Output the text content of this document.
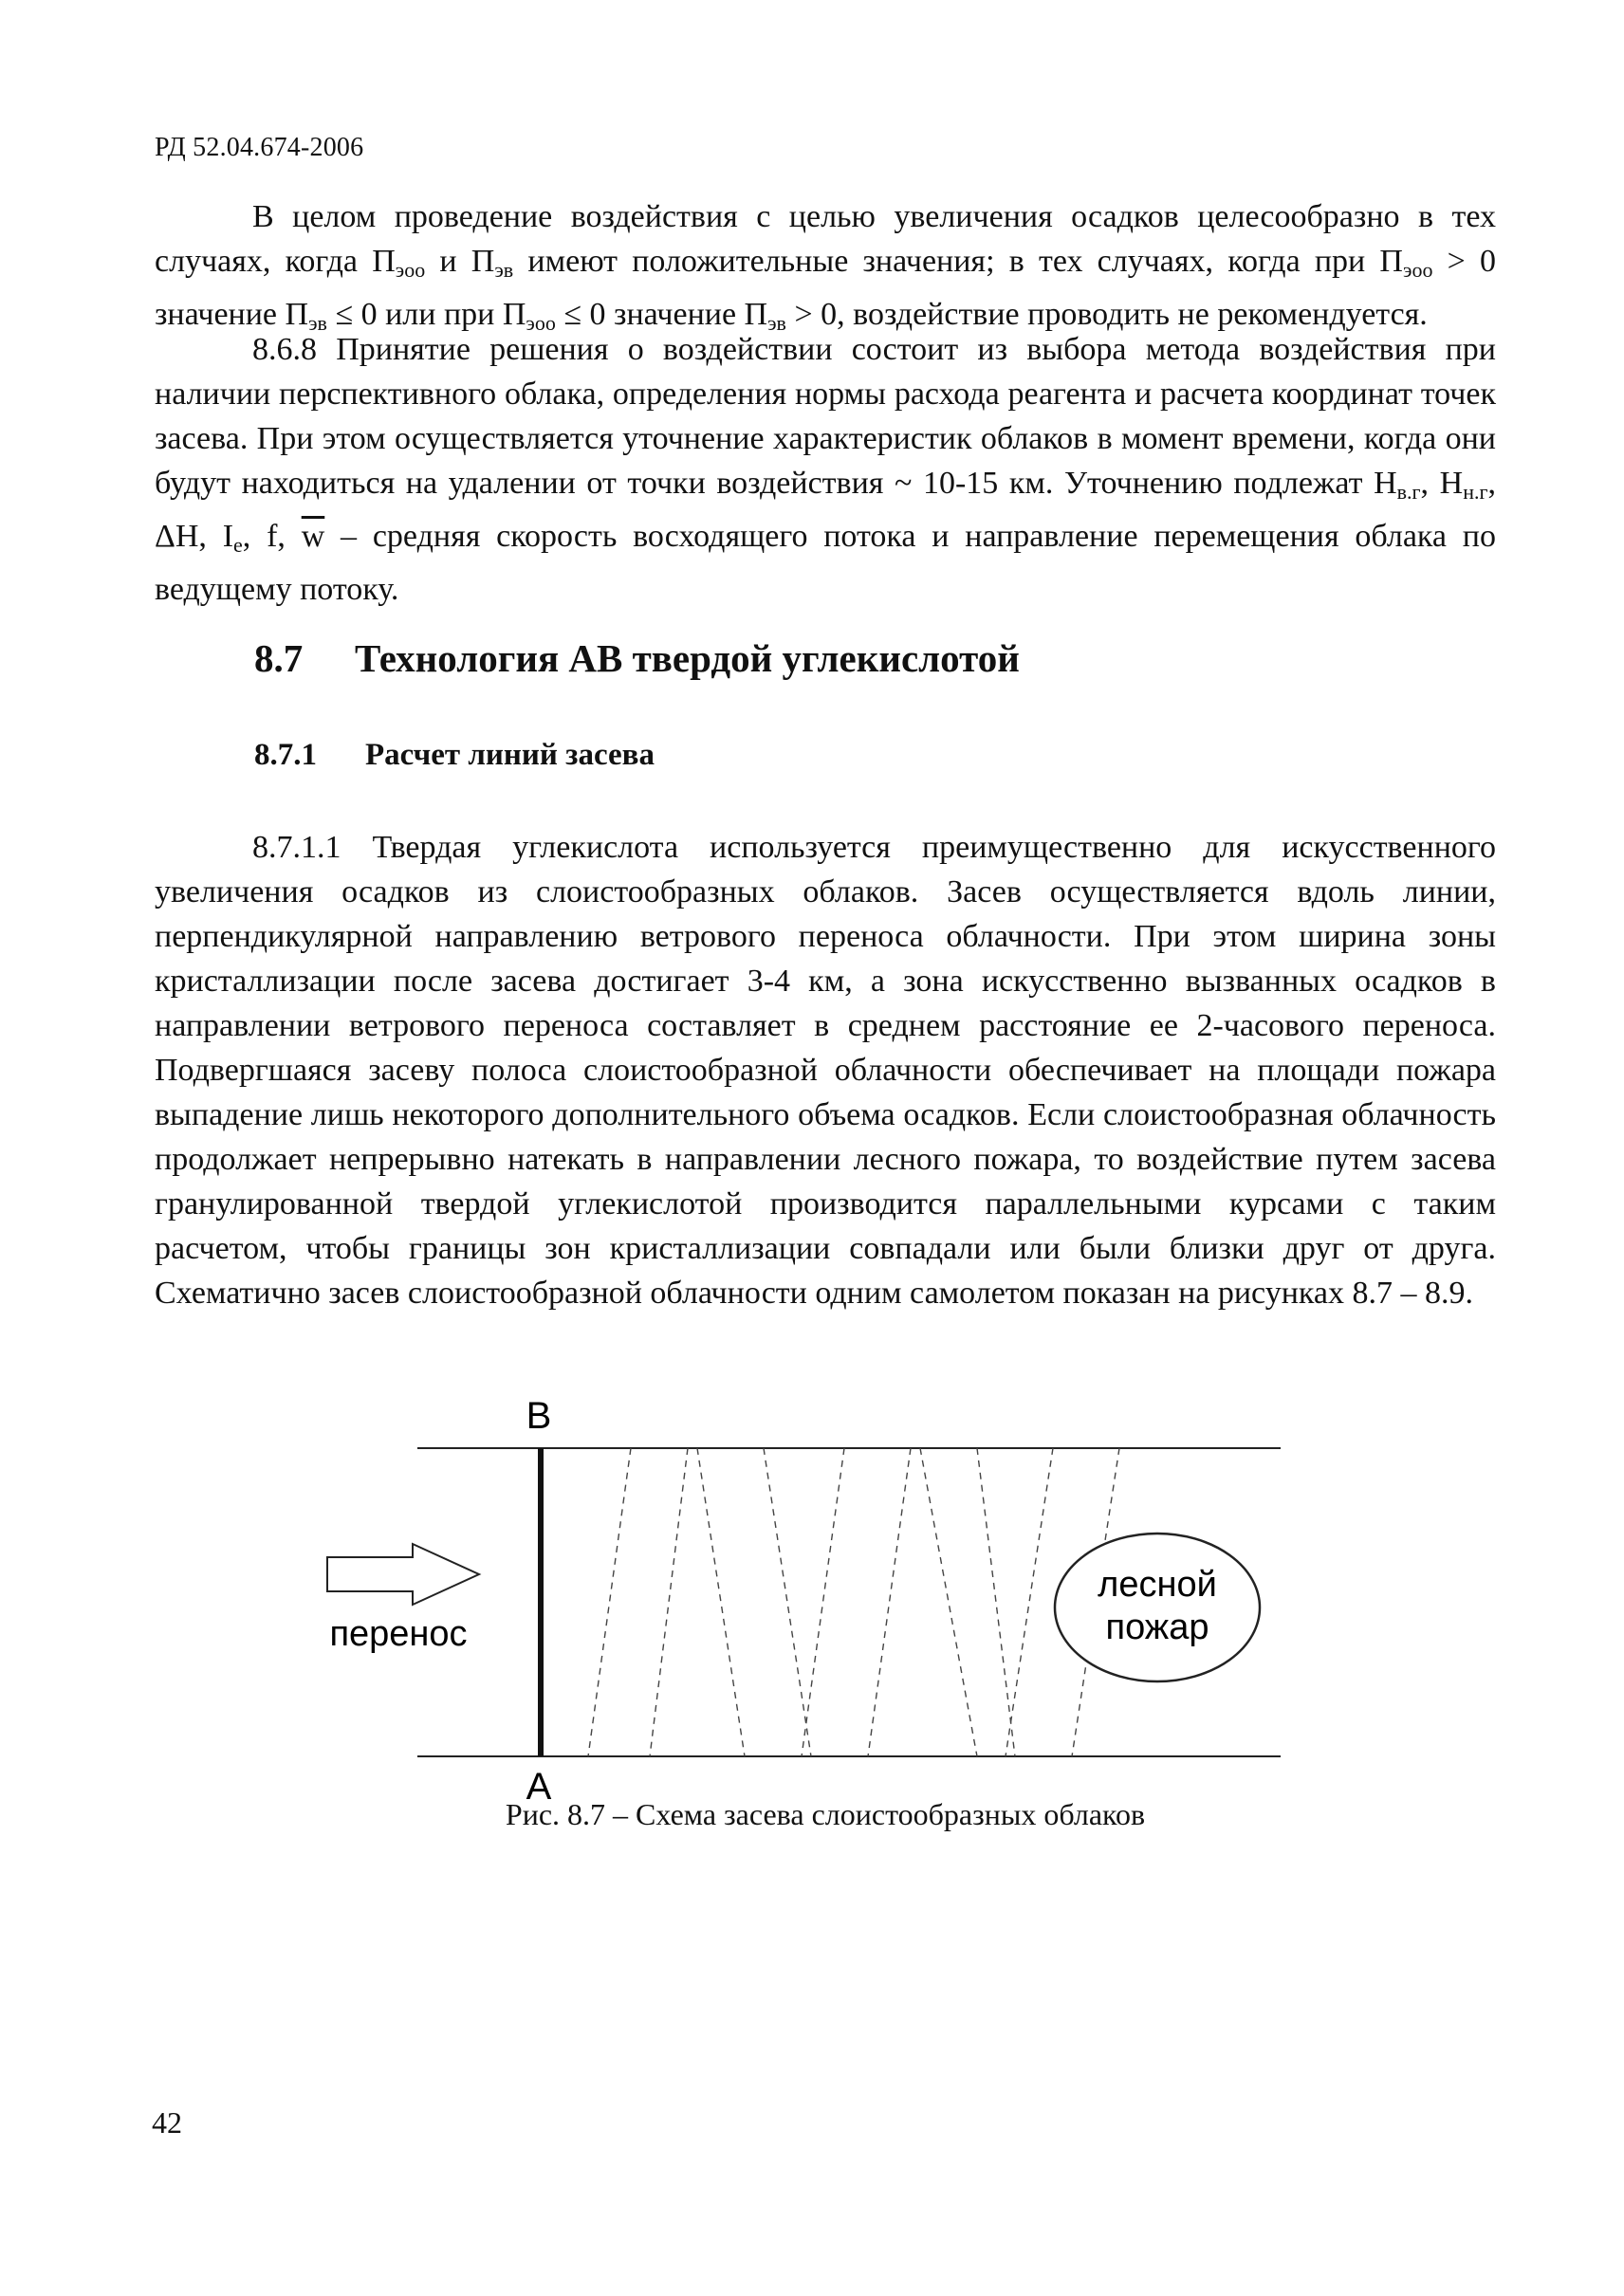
РД 52.04.674-2006
В целом проведение воздействия с целью увеличения осадков целесообразно в тех случаях, когда $П_{эоо}$ и $П_{эв}$ имеют положительные значения; в тех случаях, когда при $П_{эоо} > 0$ значение $П_{эв} \le 0$ или при $П_{эоо} \le 0$ значение $П_{эв} > 0$, воздействие проводить не рекомендуется.
8.6.8 Принятие решения о воздействии состоит из выбора метода воздействия при наличии перспективного облака, определения нормы расхода реагента и расчета координат точек засева. При этом осуществляется уточнение характеристик облаков в момент времени, когда они будут находиться на удалении от точки воздействия ~ 10-15 км. Уточнению подлежат $H_{в.г}$, $H_{н.г}$, ΔH, $I_e$, f, $\overline{w}$ – средняя скорость восходящего потока и направление перемещения облака по ведущему потоку.
8.7 Технология АВ твердой углекислотой
8.7.1 Расчет линий засева
8.7.1.1 Твердая углекислота используется преимущественно для искусственного увеличения осадков из слоистообразных облаков. Засев осуществляется вдоль линии, перпендикулярной направлению ветрового переноса облачности. При этом ширина зоны кристаллизации после засева достигает 3-4 км, а зона искусственно вызванных осадков в направлении ветрового переноса составляет в среднем расстояние ее 2-часового переноса. Подвергшаяся засеву полоса слоистообразной облачности обеспечивает на площади пожара выпадение лишь некоторого дополнительного объема осадков. Если слоистообразная облачность продолжает непрерывно натекать в направлении лесного пожара, то воздействие путем засева гранулированной твердой углекислотой производится параллельными курсами с таким расчетом, чтобы границы зон кристаллизации совпадали или были близки друг от друга. Схематично засев слоистообразной облачности одним самолетом показан на рисунках 8.7 – 8.9.
В
А
перенос
лесной
пожар
Рис. 8.7 – Схема засева слоистообразных облаков
42
